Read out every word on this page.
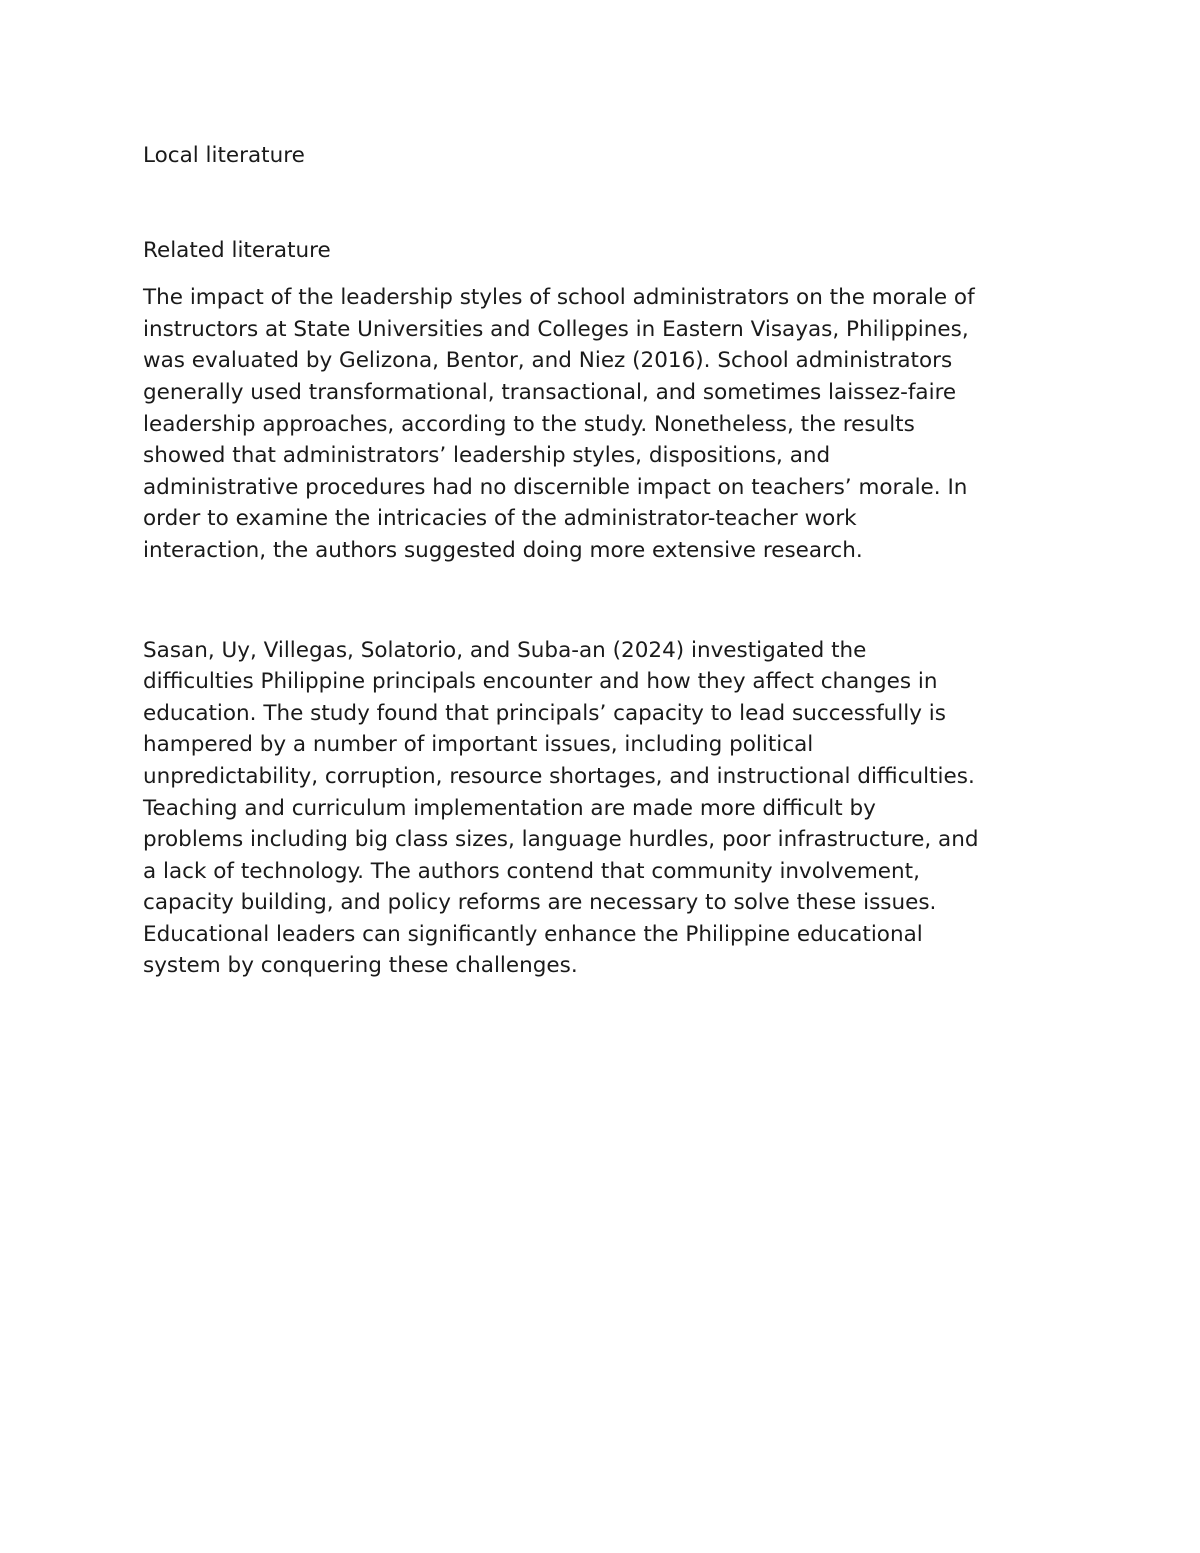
Local literature

Related literature

The impact of the leadership styles of school administrators on the morale of
instructors at State Universities and Colleges in Eastern Visayas, Philippines,
was evaluated by Gelizona, Bentor, and Niez (2016). School administrators
generally used transformational, transactional, and sometimes laissez-faire
leadership approaches, according to the study. Nonetheless, the results
showed that administrators’ leadership styles, dispositions, and
administrative procedures had no discernible impact on teachers’ morale. In
order to examine the intricacies of the administrator-teacher work
interaction, the authors suggested doing more extensive research.

Sasan, Uy, Villegas, Solatorio, and Suba-an (2024) investigated the
difficulties Philippine principals encounter and how they affect changes in
education. The study found that principals’ capacity to lead successfully is
hampered by a number of important issues, including political
unpredictability, corruption, resource shortages, and instructional difficulties.
Teaching and curriculum implementation are made more difficult by
problems including big class sizes, language hurdles, poor infrastructure, and
a lack of technology. The authors contend that community involvement,
capacity building, and policy reforms are necessary to solve these issues.
Educational leaders can significantly enhance the Philippine educational
system by conquering these challenges.
